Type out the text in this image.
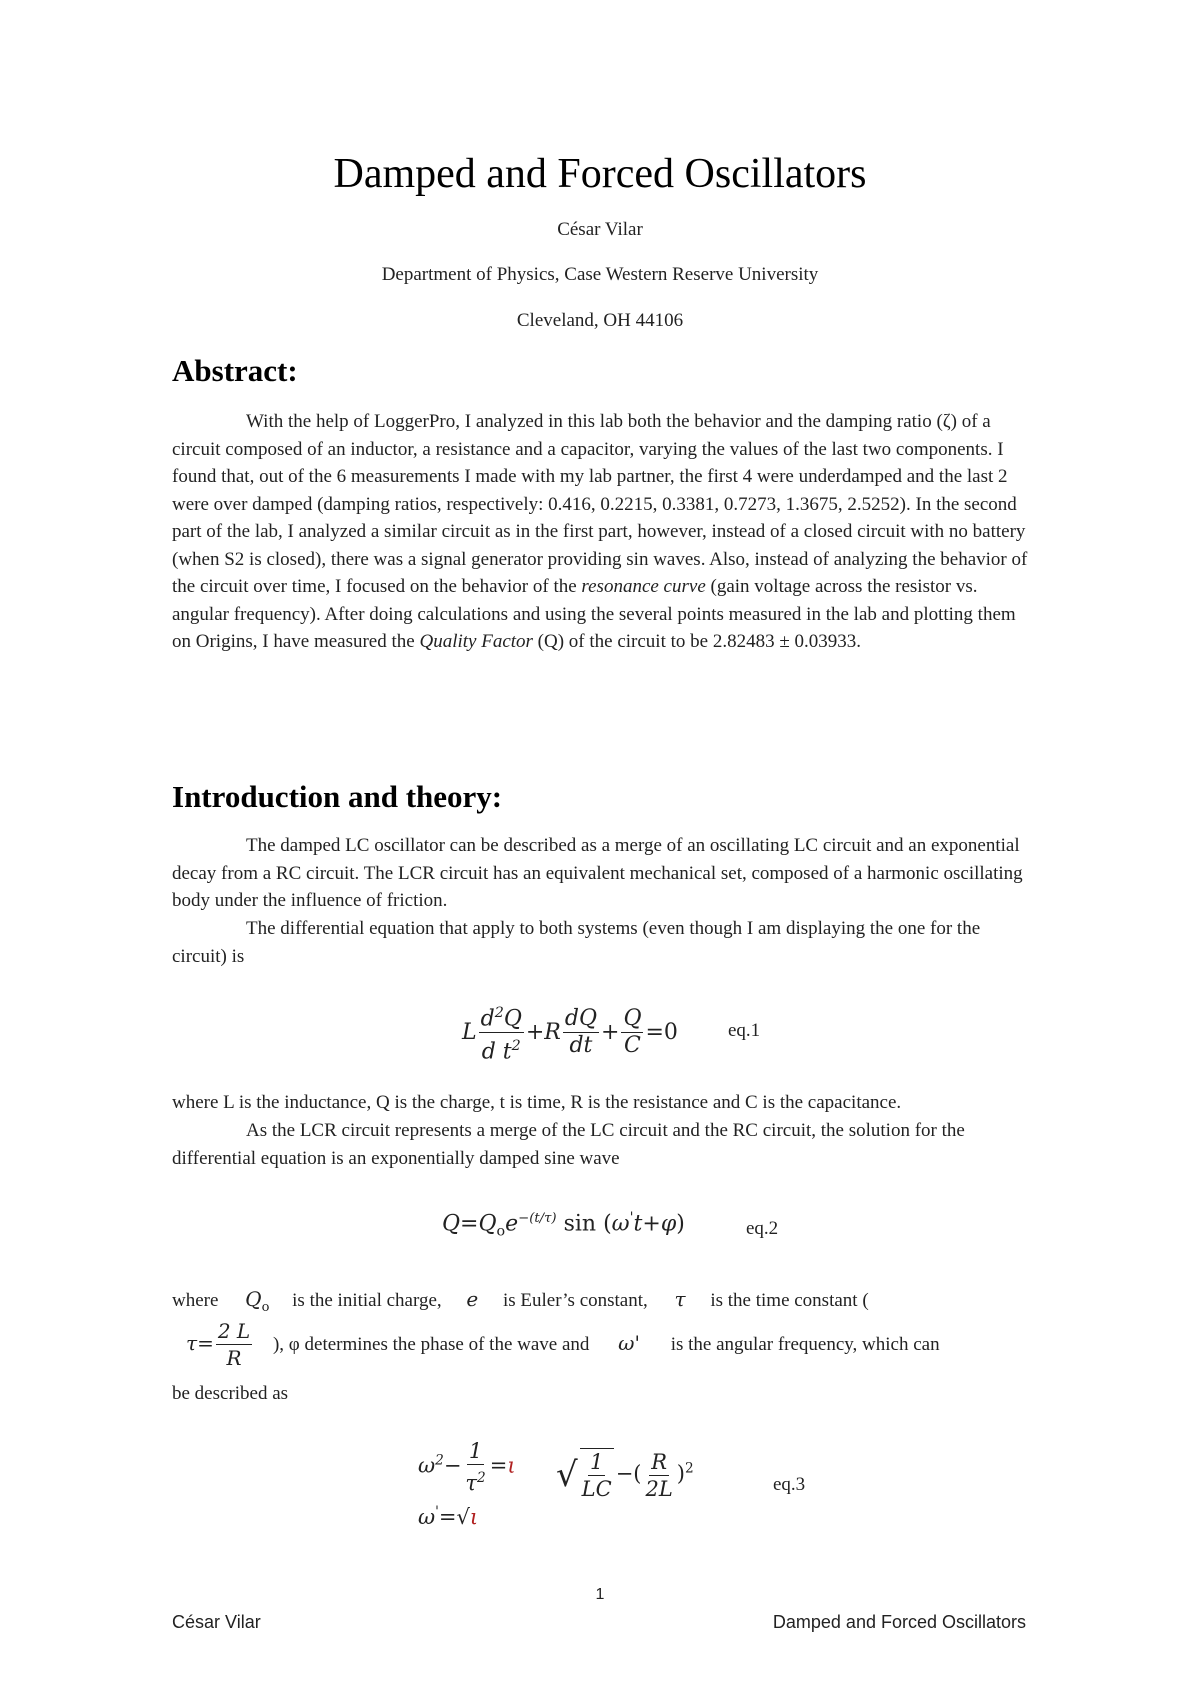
Damped and Forced Oscillators
César Vilar
Department of Physics, Case Western Reserve University
Cleveland, OH 44106
Abstract:

With the help of LoggerPro, I analyzed in this lab both the behavior and the damping ratio (ζ) of a circuit composed of an inductor, a resistance and a capacitor, varying the values of the last two components. I found that, out of the 6 measurements I made with my lab partner, the first 4 were underdamped and the last 2 were over damped (damping ratios, respectively: 0.416, 0.2215, 0.3381, 0.7273, 1.3675, 2.5252). In the second part of the lab, I analyzed a similar circuit as in the first part, however, instead of a closed circuit with no battery (when S2 is closed), there was a signal generator providing sin waves. Also, instead of analyzing the behavior of the circuit over time, I focused on the behavior of the resonance curve (gain voltage across the resistor vs. angular frequency). After doing calculations and using the several points measured in the lab and plotting them on Origins, I have measured the Quality Factor (Q) of the circuit to be 2.82483 ± 0.03933.

Introduction and theory:

The damped LC oscillator can be described as a merge of an oscillating LC circuit and an exponential decay from a RC circuit. The LCR circuit has an equivalent mechanical set, composed of a harmonic oscillating body under the influence of friction.

The differential equation that apply to both systems (even though I am displaying the one for the circuit) is

L $\frac{d^2Q}{d t^2} +R \frac{dQ}{dt} + \frac{Q}{C} =0$	eq.1

where L is the inductance, Q is the charge, t is time, R is the resistance and C is the capacitance.

As the LCR circuit represents a merge of the LC circuit and the RC circuit, the solution for the differential equation is an exponentially damped sine wave

$Q=Q_oe^{-(t/\tau)}$ sin (ω't+φ)	eq.2
where $Q_o$ is the initial charge, e is Euler’s constant, τ is the time constant (
$\tau= \frac{2 L}{R}$ ), φ determines the phase of the wave and ω' is the angular frequency, which can

be described as

$\omega^2- \frac{1}{\tau^2} =\iota$
ω'=√ι
√ $\frac{1}{LC}$ −( $\frac{R}{2L} )^2$
eq.3
1
César Vilar	Damped and Forced Oscillators
